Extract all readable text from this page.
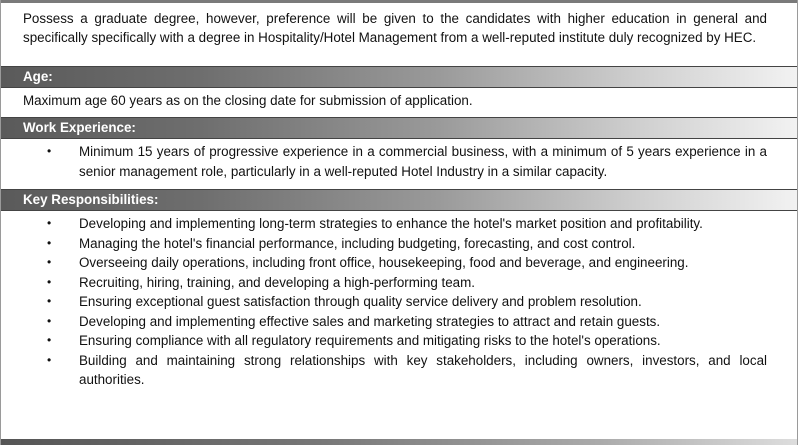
Possess a graduate degree, however, preference will be given to the candidates with higher education in general and specifically specifically with a degree in Hospitality/Hotel Management from a well-reputed institute duly recognized by HEC.

Age:

Maximum age 60 years as on the closing date for submission of application.

Work Experience:
•	Minimum 15 years of progressive experience in a commercial business, with a minimum of 5 years experience in a senior management role, particularly in a well-reputed Hotel Industry in a similar capacity.
Key Responsibilities:
•	Developing and implementing long-term strategies to enhance the hotel's market position and profitability.
•	Managing the hotel's financial performance, including budgeting, forecasting, and cost control.
•	Overseeing daily operations, including front office, housekeeping, food and beverage, and engineering.
•	Recruiting, hiring, training, and developing a high-performing team.
•	Ensuring exceptional guest satisfaction through quality service delivery and problem resolution.
•	Developing and implementing effective sales and marketing strategies to attract and retain guests.
•	Ensuring compliance with all regulatory requirements and mitigating risks to the hotel's operations.
•	Building and maintaining strong relationships with key stakeholders, including owners, investors, and local authorities.
